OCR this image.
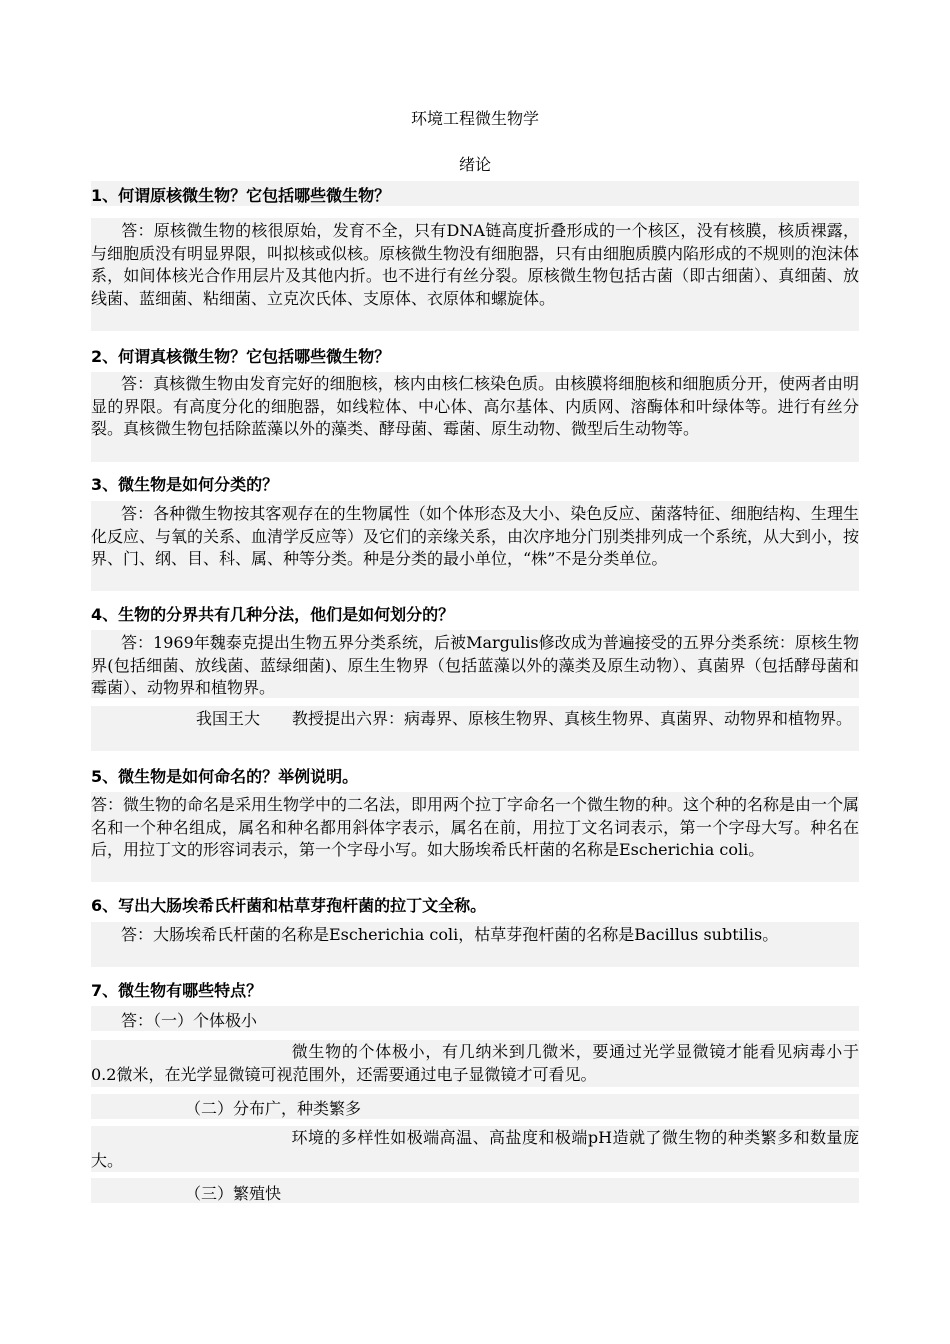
环境工程微生物学
绪论
1、何谓原核微生物？它包括哪些微生物？
答：原核微生物的核很原始，发育不全，只有DNA链高度折叠形成的一个核区，没有核膜，核质裸露，与细胞质没有明显界限，叫拟核或似核。原核微生物没有细胞器，只有由细胞质膜内陷形成的不规则的泡沫体系，如间体核光合作用层片及其他内折。也不进行有丝分裂。原核微生物包括古菌（即古细菌）、真细菌、放线菌、蓝细菌、粘细菌、立克次氏体、支原体、衣原体和螺旋体。
2、何谓真核微生物？它包括哪些微生物？
答：真核微生物由发育完好的细胞核，核内由核仁核染色质。由核膜将细胞核和细胞质分开，使两者由明显的界限。有高度分化的细胞器，如线粒体、中心体、高尔基体、内质网、溶酶体和叶绿体等。进行有丝分裂。真核微生物包括除蓝藻以外的藻类、酵母菌、霉菌、原生动物、微型后生动物等。
3、微生物是如何分类的？
答：各种微生物按其客观存在的生物属性（如个体形态及大小、染色反应、菌落特征、细胞结构、生理生化反应、与氧的关系、血清学反应等）及它们的亲缘关系，由次序地分门别类排列成一个系统，从大到小，按界、门、纲、目、科、属、种等分类。种是分类的最小单位，“株”不是分类单位。
4、生物的分界共有几种分法，他们是如何划分的？
答：1969年魏泰克提出生物五界分类系统，后被Margulis修改成为普遍接受的五界分类系统：原核生物界(包括细菌、放线菌、蓝绿细菌)、原生生物界（包括蓝藻以外的藻类及原生动物）、真菌界（包括酵母菌和霉菌）、动物界和植物界。
我国王大　　教授提出六界：病毒界、原核生物界、真核生物界、真菌界、动物界和植物界。
5、微生物是如何命名的？举例说明。
答：微生物的命名是采用生物学中的二名法，即用两个拉丁字命名一个微生物的种。这个种的名称是由一个属名和一个种名组成，属名和种名都用斜体字表示，属名在前，用拉丁文名词表示，第一个字母大写。种名在后，用拉丁文的形容词表示，第一个字母小写。如大肠埃希氏杆菌的名称是Escherichia coli。
6、写出大肠埃希氏杆菌和枯草芽孢杆菌的拉丁文全称。
答：大肠埃希氏杆菌的名称是Escherichia coli，枯草芽孢杆菌的名称是Bacillus subtilis。
7、微生物有哪些特点？
答：（一）个体极小
微生物的个体极小，有几纳米到几微米，要通过光学显微镜才能看见病毒小于0.2微米，在光学显微镜可视范围外，还需要通过电子显微镜才可看见。
（二）分布广，种类繁多
环境的多样性如极端高温、高盐度和极端pH造就了微生物的种类繁多和数量庞大。
（三）繁殖快
